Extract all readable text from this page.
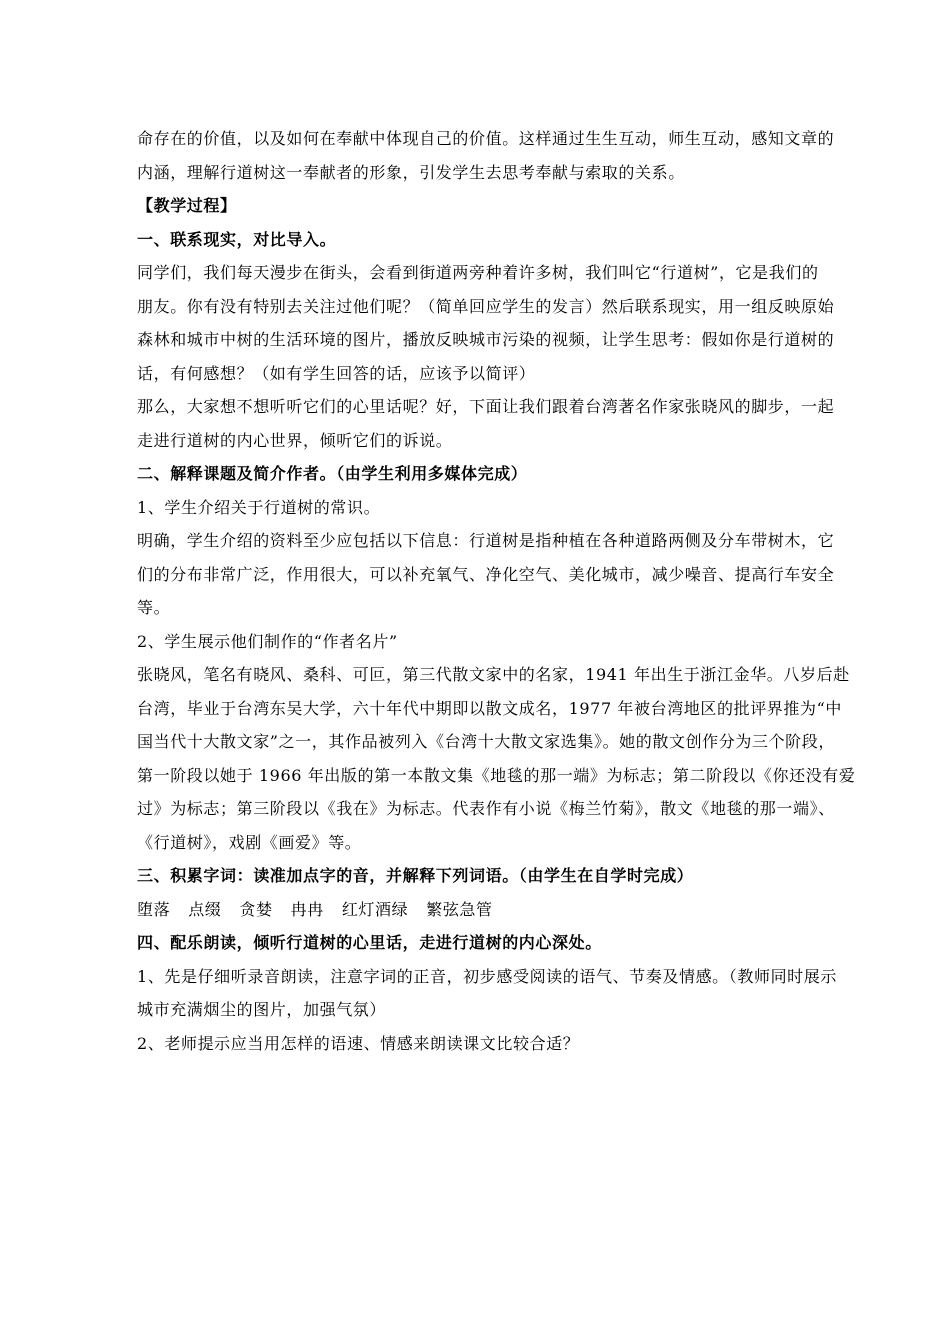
命存在的价值，以及如何在奉献中体现自己的价值。这样通过生生互动，师生互动，感知文章的
内涵，理解行道树这一奉献者的形象，引发学生去思考奉献与索取的关系。
【教学过程】
一、联系现实，对比导入。
同学们，我们每天漫步在街头，会看到街道两旁种着许多树，我们叫它“行道树”，它是我们的
朋友。你有没有特别去关注过他们呢？（简单回应学生的发言）然后联系现实，用一组反映原始
森林和城市中树的生活环境的图片，播放反映城市污染的视频，让学生思考：假如你是行道树的
话，有何感想？（如有学生回答的话，应该予以简评）
那么，大家想不想听听它们的心里话呢？好，下面让我们跟着台湾著名作家张晓风的脚步，一起
走进行道树的内心世界，倾听它们的诉说。
二、解释课题及简介作者。（由学生利用多媒体完成）
1、学生介绍关于行道树的常识。
明确，学生介绍的资料至少应包括以下信息：行道树是指种植在各种道路两侧及分车带树木，它
们的分布非常广泛，作用很大，可以补充氧气、净化空气、美化城市，减少噪音、提高行车安全
等。
2、学生展示他们制作的“作者名片”
张晓风，笔名有晓风、桑科、可叵，第三代散文家中的名家，1941 年出生于浙江金华。八岁后赴
台湾，毕业于台湾东吴大学，六十年代中期即以散文成名，1977 年被台湾地区的批评界推为“中
国当代十大散文家”之一，其作品被列入《台湾十大散文家选集》。她的散文创作分为三个阶段，
第一阶段以她于 1966 年出版的第一本散文集《地毯的那一端》为标志；第二阶段以《你还没有爱
过》为标志；第三阶段以《我在》为标志。代表作有小说《梅兰竹菊》，散文《地毯的那一端》、
《行道树》，戏剧《画爱》等。
三、积累字词：读准加点字的音，并解释下列词语。（由学生在自学时完成）
堕落 点缀 贪婪 冉冉 红灯酒绿 繁弦急管
四、配乐朗读，倾听行道树的心里话，走进行道树的内心深处。
1、先是仔细听录音朗读，注意字词的正音，初步感受阅读的语气、节奏及情感。（教师同时展示
城市充满烟尘的图片，加强气氛）
2、老师提示应当用怎样的语速、情感来朗读课文比较合适？
